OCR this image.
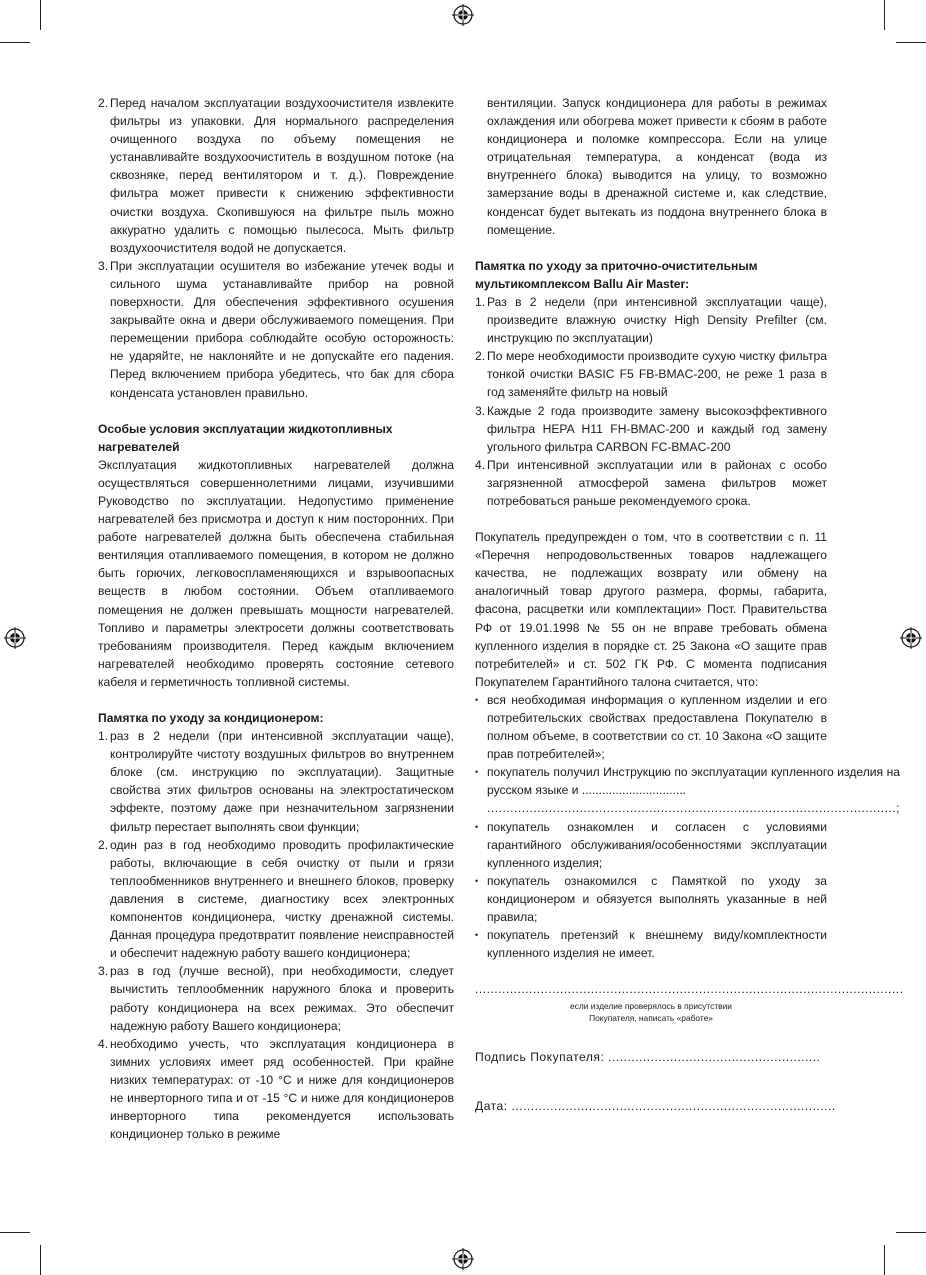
2. Перед началом эксплуатации воздухоочистителя извлеките фильтры из упаковки. Для нормального распределения очищенного воздуха по объему помещения не устанавливайте воздухоочиститель в воздушном потоке (на сквозняке, перед вентилятором и т. д.). Повреждение фильтра может привести к снижению эффективности очистки воздуха. Скопившуюся на фильтре пыль можно аккуратно удалить с помощью пылесоса. Мыть фильтр воздухоочистителя водой не допускается.
3. При эксплуатации осушителя во избежание утечек воды и сильного шума устанавливайте прибор на ровной поверхности. Для обеспечения эффективного осушения закрывайте окна и двери обслуживаемого помещения. При перемещении прибора соблюдайте особую осторожность: не ударяйте, не наклоняйте и не допускайте его падения. Перед включением прибора убедитесь, что бак для сбора конденсата установлен правильно.
Особые условия эксплуатации жидкотопливных нагревателей

Эксплуатация жидкотопливных нагревателей должна осуществляться совершеннолетними лицами, изучившими Руководство по эксплуатации. Недопустимо применение нагревателей без присмотра и доступ к ним посторонних. При работе нагревателей должна быть обеспечена стабильная вентиляция отапливаемого помещения, в котором не должно быть горючих, легковоспламеняющихся и взрывоопасных веществ в любом состоянии. Объем отапливаемого помещения не должен превышать мощности нагревателей. Топливо и параметры электросети должны соответствовать требованиям производителя. Перед каждым включением нагревателей необходимо проверять состояние сетевого кабеля и герметичность топливной системы.

Памятка по уходу за кондиционером:
1. раз в 2 недели (при интенсивной эксплуатации чаще), контролируйте чистоту воздушных фильтров во внутреннем блоке (см. инструкцию по эксплуатации). Защитные свойства этих фильтров основаны на электростатическом эффекте, поэтому даже при незначительном загрязнении фильтр перестает выполнять свои функции;
2. один раз в год необходимо проводить профилактические работы, включающие в себя очистку от пыли и грязи теплообменников внутреннего и внешнего блоков, проверку давления в системе, диагностику всех электронных компонентов кондиционера, чистку дренажной системы. Данная процедура предотвратит появление неисправностей и обеспечит надежную работу вашего кондиционера;
3. раз в год (лучше весной), при необходимости, следует вычистить теплообменник наружного блока и проверить работу кондиционера на всех режимах. Это обеспечит надежную работу Вашего кондиционера;
4. необходимо учесть, что эксплуатация кондиционера в зимних условиях имеет ряд особенностей. При крайне низких температурах: от -10 °С и ниже для кондиционеров не инверторного типа и от -15 °С и ниже для кондиционеров инверторного типа рекомендуется использовать кондиционер только в режиме

вентиляции. Запуск кондиционера для работы в режимах охлаждения или обогрева может привести к сбоям в работе кондиционера и поломке компрессора. Если на улице отрицательная температура, а конденсат (вода из внутреннего блока) выводится на улицу, то возможно замерзание воды в дренажной системе и, как следствие, конденсат будет вытекать из поддона внутреннего блока в помещение.

Памятка по уходу за приточно-очистительным мультикомплексом Ballu Air Master:
1. Раз в 2 недели (при интенсивной эксплуатации чаще), произведите влажную очистку High Density Prefilter (см. инструкцию по эксплуатации)
2. По мере необходимости производите сухую чистку фильтра тонкой очистки BASIC F5 FB-BMAC-200, не реже 1 раза в год заменяйте фильтр на новый
3. Каждые 2 года производите замену высокоэффективного фильтра HEPA H11 FH-BMAC-200 и каждый год замену угольного фильтра CARBON FC-BMAC-200
4. При интенсивной эксплуатации или в районах с особо загрязненной атмосферой замена фильтров может потребоваться раньше рекомендуемого срока.

Покупатель предупрежден о том, что в соответствии с п. 11 «Перечня непродовольственных товаров надлежащего качества, не подлежащих возврату или обмену на аналогичный товар другого размера, формы, габарита, фасона, расцветки или комплектации» Пост. Правительства РФ от 19.01.1998 № 55 он не вправе требовать обмена купленного изделия в порядке ст. 25 Закона «О защите прав потребителей» и ст. 502 ГК РФ. С момента подписания Покупателем Гарантийного талона считается, что:

• вся необходимая информация о купленном изделии и его потребительских свойствах предоставлена Покупателю в полном объеме, в соответствии со ст. 10 Закона «О защите прав потребителей»;
• покупатель получил Инструкцию по эксплуатации купленного изделия на русском языке и ...............................
..........................................................................................................;
• покупатель ознакомлен и согласен с условиями гарантийного обслуживания/особенностями эксплуатации купленного изделия;
• покупатель ознакомился с Памяткой по уходу за кондиционером и обязуется выполнять указанные в ней правила;
• покупатель претензий к внешнему виду/комплектности купленного изделия не имеет.
...............................................................................................................

если изделие проверялось в присутствии

Покупателя, написать «работе»

Подпись Покупателя: .......................................................
Дата: ....................................................................................
